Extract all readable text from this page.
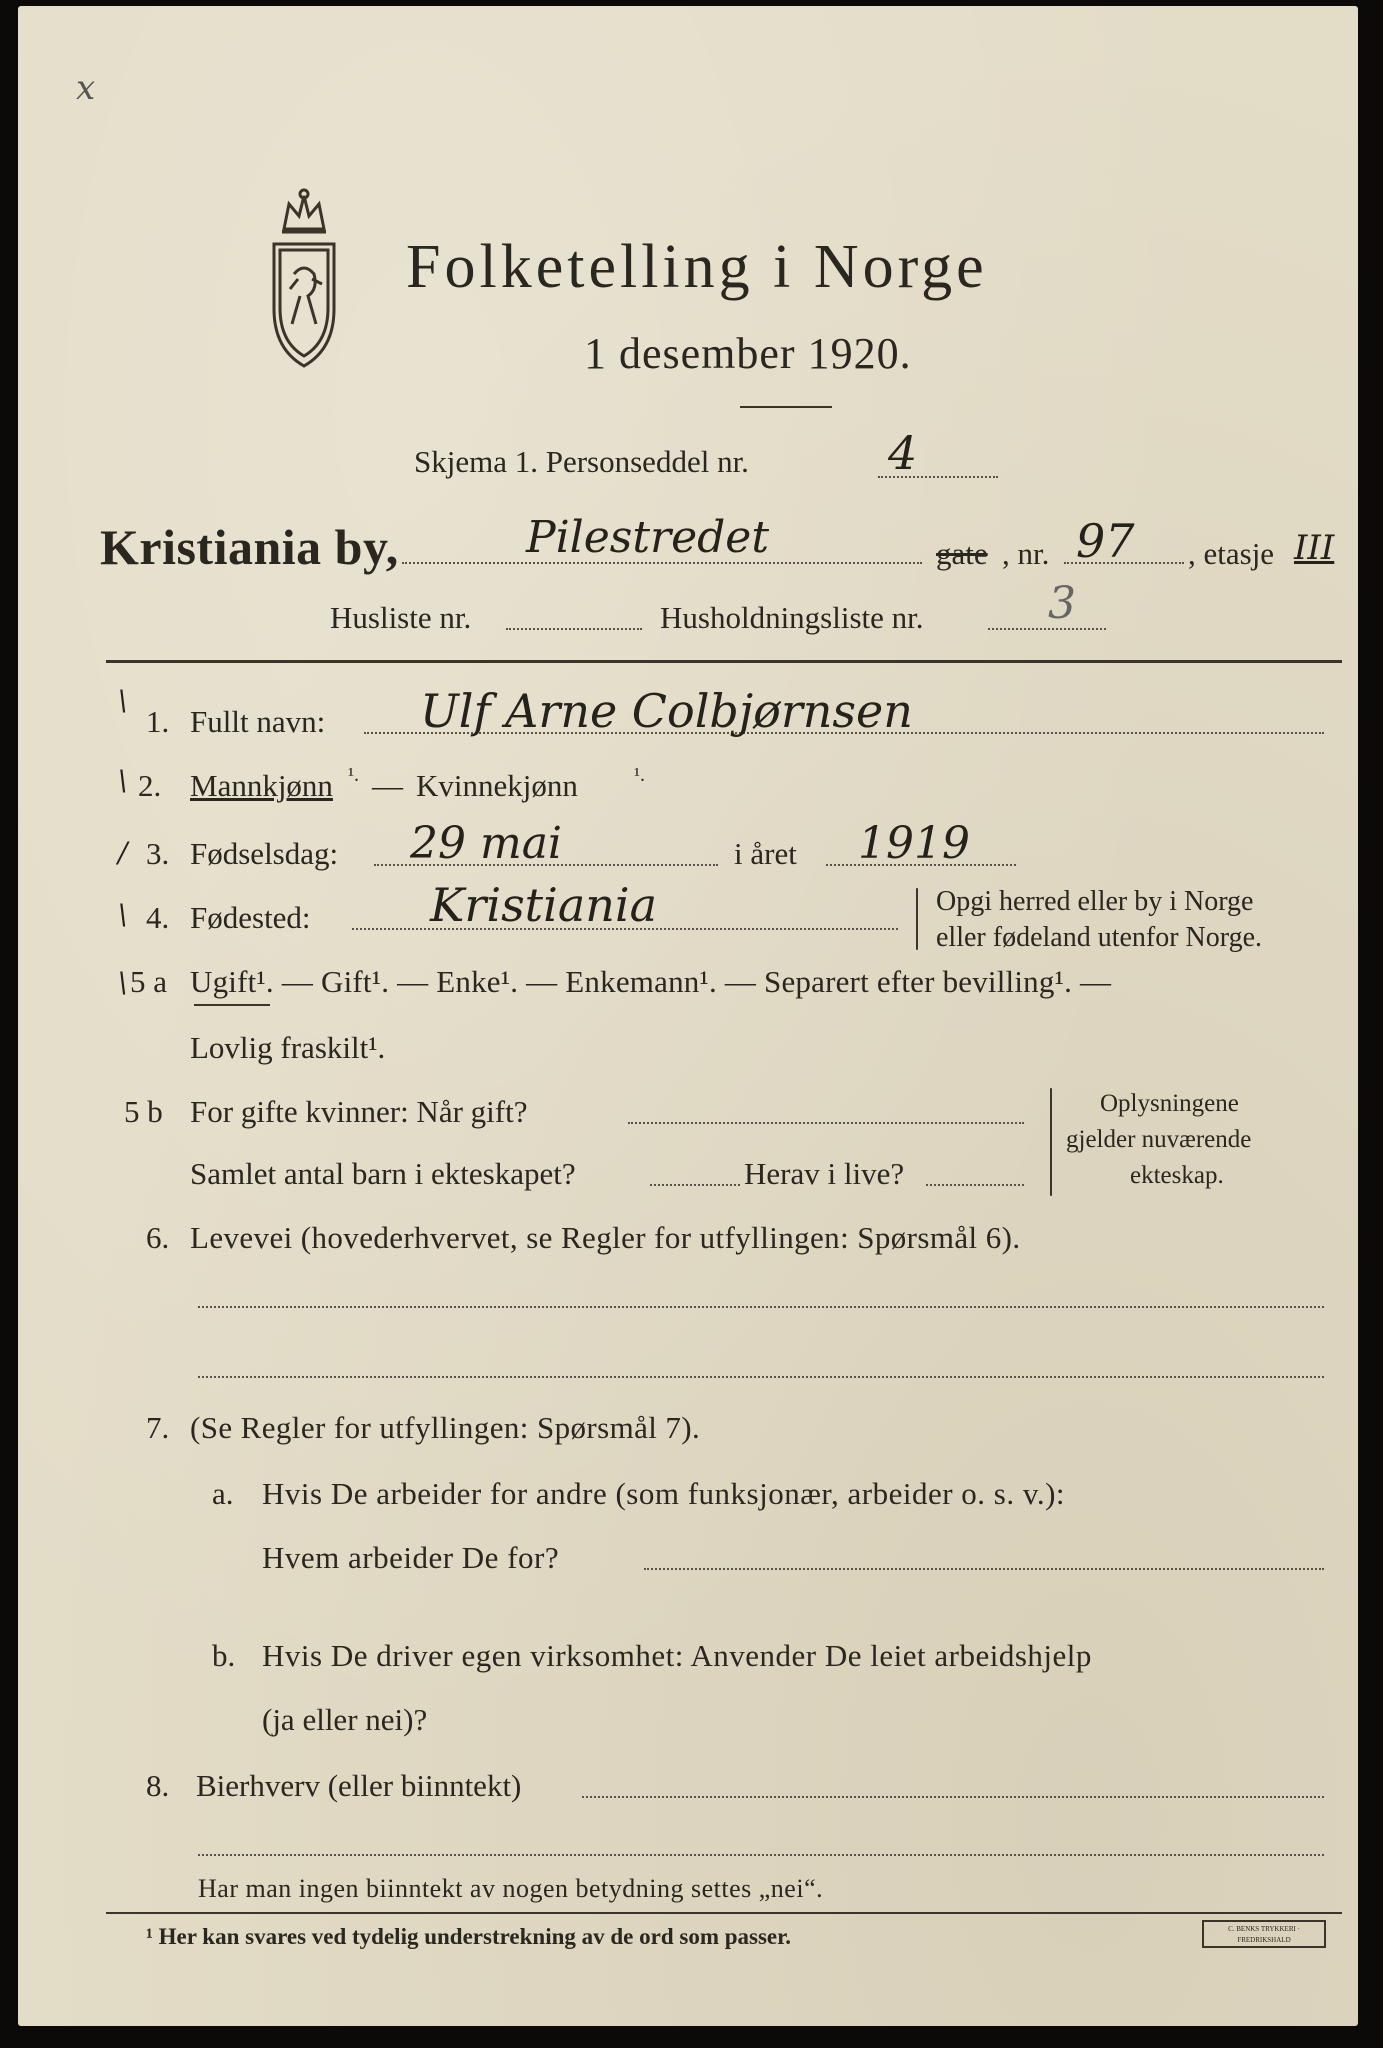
x
Folketelling i Norge
1 desember 1920.
Skjema 1. Personseddel nr.	4
Kristiania by,	Pilestredet	gate , nr. 97 , etasje III
Husliste nr.	Husholdningsliste nr.	3
\
\
/
\
\
1. Fullt navn: Ulf Arne Colbjørnsen
2. Mannkjønn ¹. — Kvinnekjønn	¹.
3. Fødselsdag: 29 mai	i året 1919
4. Fødested:	Kristiania	Opgi herred eller by i Norge
eller fødeland utenfor Norge.
5 a Ugift¹. — Gift¹. — Enke¹. — Enkemann¹. — Separert efter bevilling¹. —
Lovlig fraskilt¹.
5 b For gifte kvinner: Når gift?
Samlet antal barn i ekteskapet?	Herav i live?
Oplysningene
gjelder nuværende
ekteskap.
6. Levevei (hovederhvervet, se Regler for utfyllingen: Spørsmål 6).
7. (Se Regler for utfyllingen: Spørsmål 7).
a. Hvis De arbeider for andre (som funksjonær, arbeider o. s. v.):
Hvem arbeider De for?
b. Hvis De driver egen virksomhet: Anvender De leiet arbeidshjelp
(ja eller nei)?
8. Bierhverv (eller biinntekt)
Har man ingen biinntekt av nogen betydning settes „nei“.
¹ Her kan svares ved tydelig understrekning av de ord som passer.	C. BENKS TRYKKERI · FREDRIKSHALD
